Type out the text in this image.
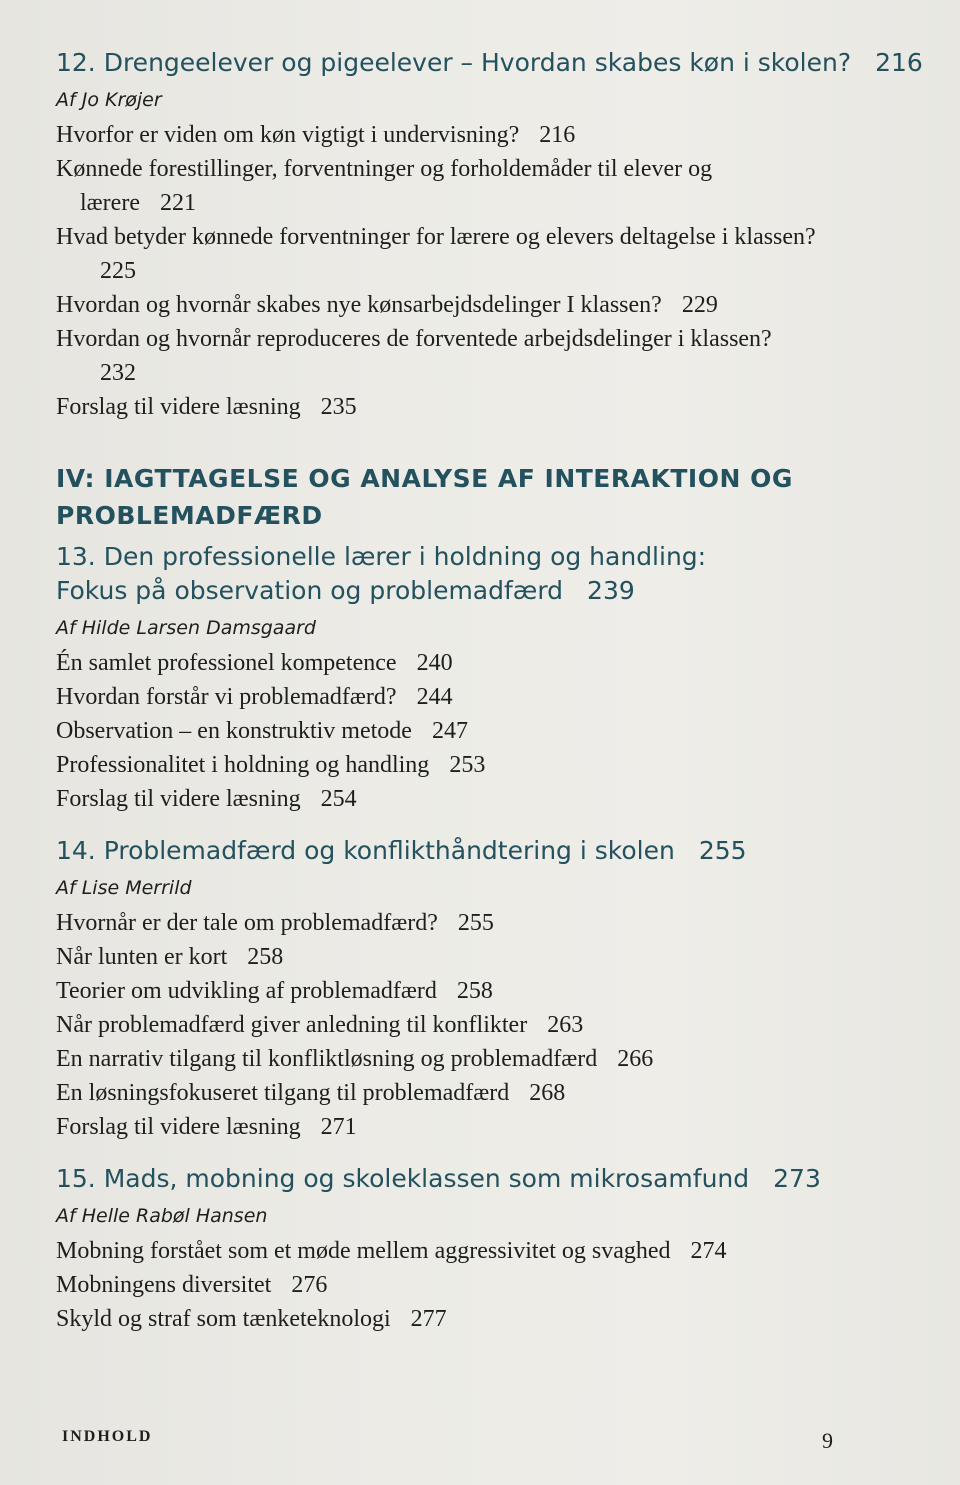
12. Drengeelever og pigeelever – Hvordan skabes køn i skolen? 216
Af Jo Krøjer
Hvorfor er viden om køn vigtigt i undervisning? 216
Kønnede forestillinger, forventninger og forholdemåder til elever og lærere 221
Hvad betyder kønnede forventninger for lærere og elevers deltagelse i klassen?225
Hvordan og hvornår skabes nye kønsarbejdsdelinger I klassen? 229
Hvordan og hvornår reproduceres de forventede arbejdsdelinger i klassen?232
Forslag til videre læsning 235
IV: IAGTTAGELSE OG ANALYSE AF INTERAKTION OG PROBLEMADFÆRD
13. Den professionelle lærer i holdning og handling:
Fokus på observation og problemadfærd 239
Af Hilde Larsen Damsgaard
Én samlet professionel kompetence 240
Hvordan forstår vi problemadfærd? 244
Observation – en konstruktiv metode 247
Professionalitet i holdning og handling 253
Forslag til videre læsning 254
14. Problemadfærd og konflikthåndtering i skolen 255
Af Lise Merrild
Hvornår er der tale om problemadfærd? 255
Når lunten er kort 258
Teorier om udvikling af problemadfærd 258
Når problemadfærd giver anledning til konflikter 263
En narrativ tilgang til konfliktløsning og problemadfærd 266
En løsningsfokuseret tilgang til problemadfærd 268
Forslag til videre læsning 271
15. Mads, mobning og skoleklassen som mikrosamfund 273
Af Helle Rabøl Hansen
Mobning forstået som et møde mellem aggressivitet og svaghed 274
Mobningens diversitet 276
Skyld og straf som tænketeknologi 277
INDHOLD	9
